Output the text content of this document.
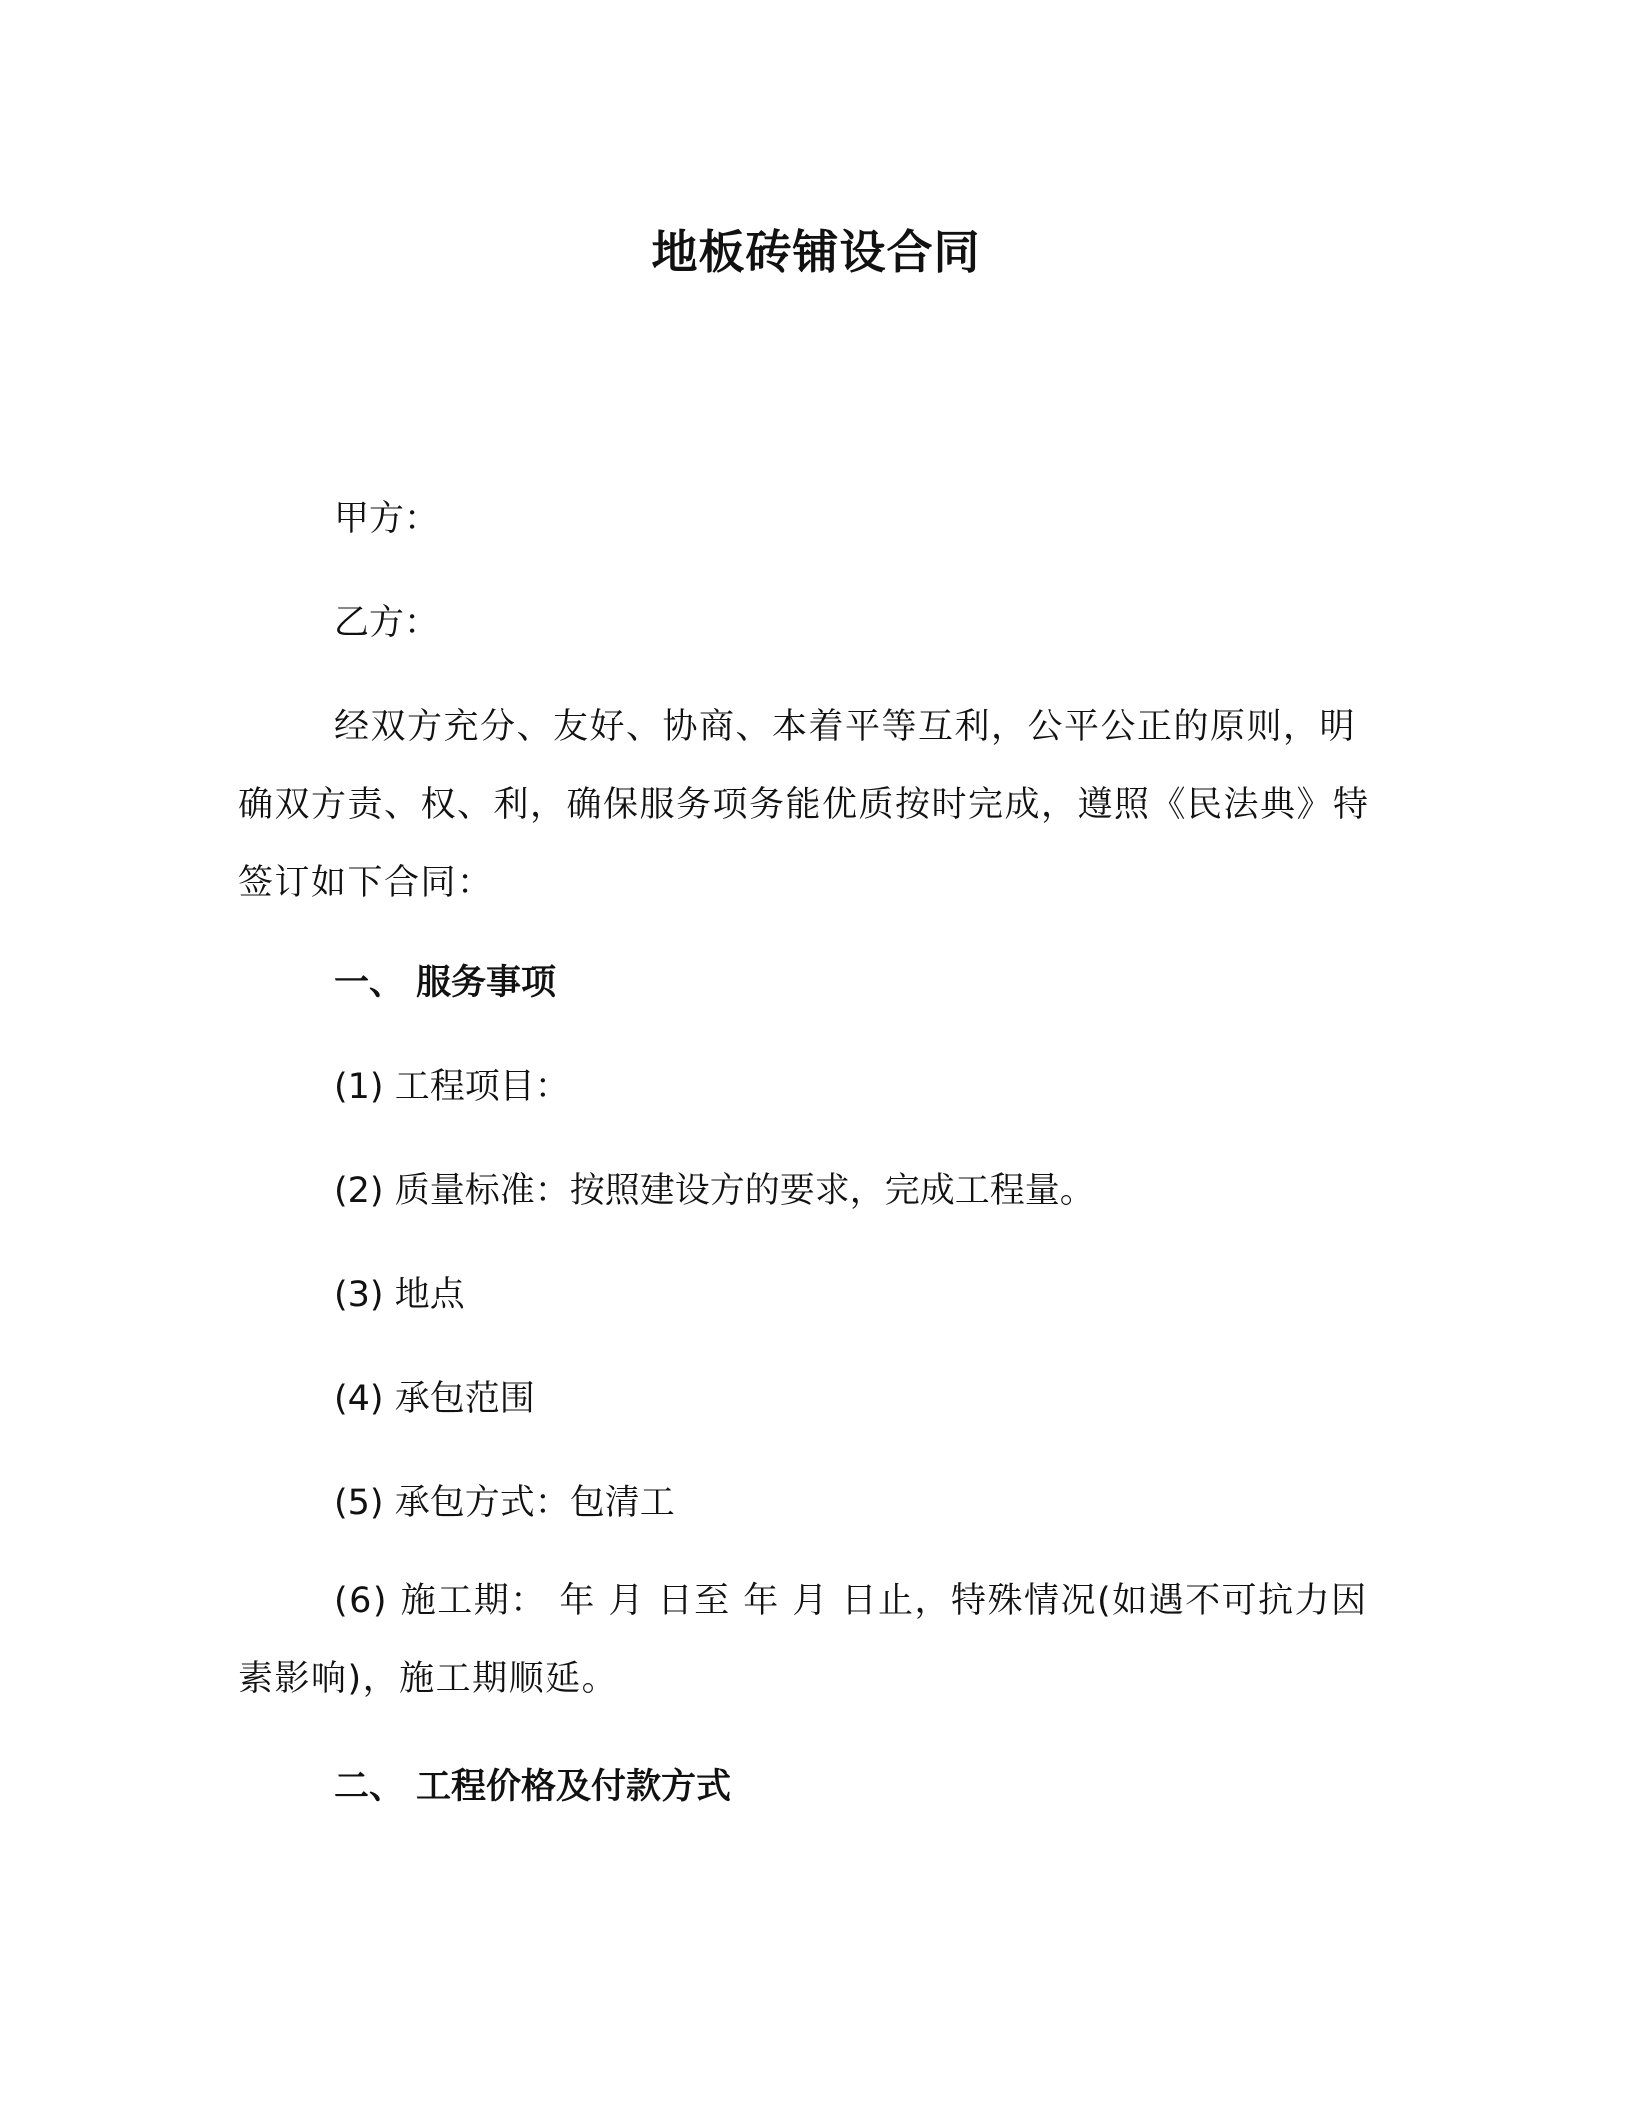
地板砖铺设合同
甲方：
乙方：
经双方充分、友好、协商、本着平等互利，公平公正的原则，明确双方责、权、利，确保服务项务能优质按时完成，遵照《民法典》特签订如下合同：
一、 服务事项
(1) 工程项目：
(2) 质量标准：按照建设方的要求，完成工程量。
(3) 地点
(4) 承包范围
(5) 承包方式：包清工
(6) 施工期： 年 月 日至 年 月 日止，特殊情况(如遇不可抗力因素影响)，施工期顺延。
二、 工程价格及付款方式
